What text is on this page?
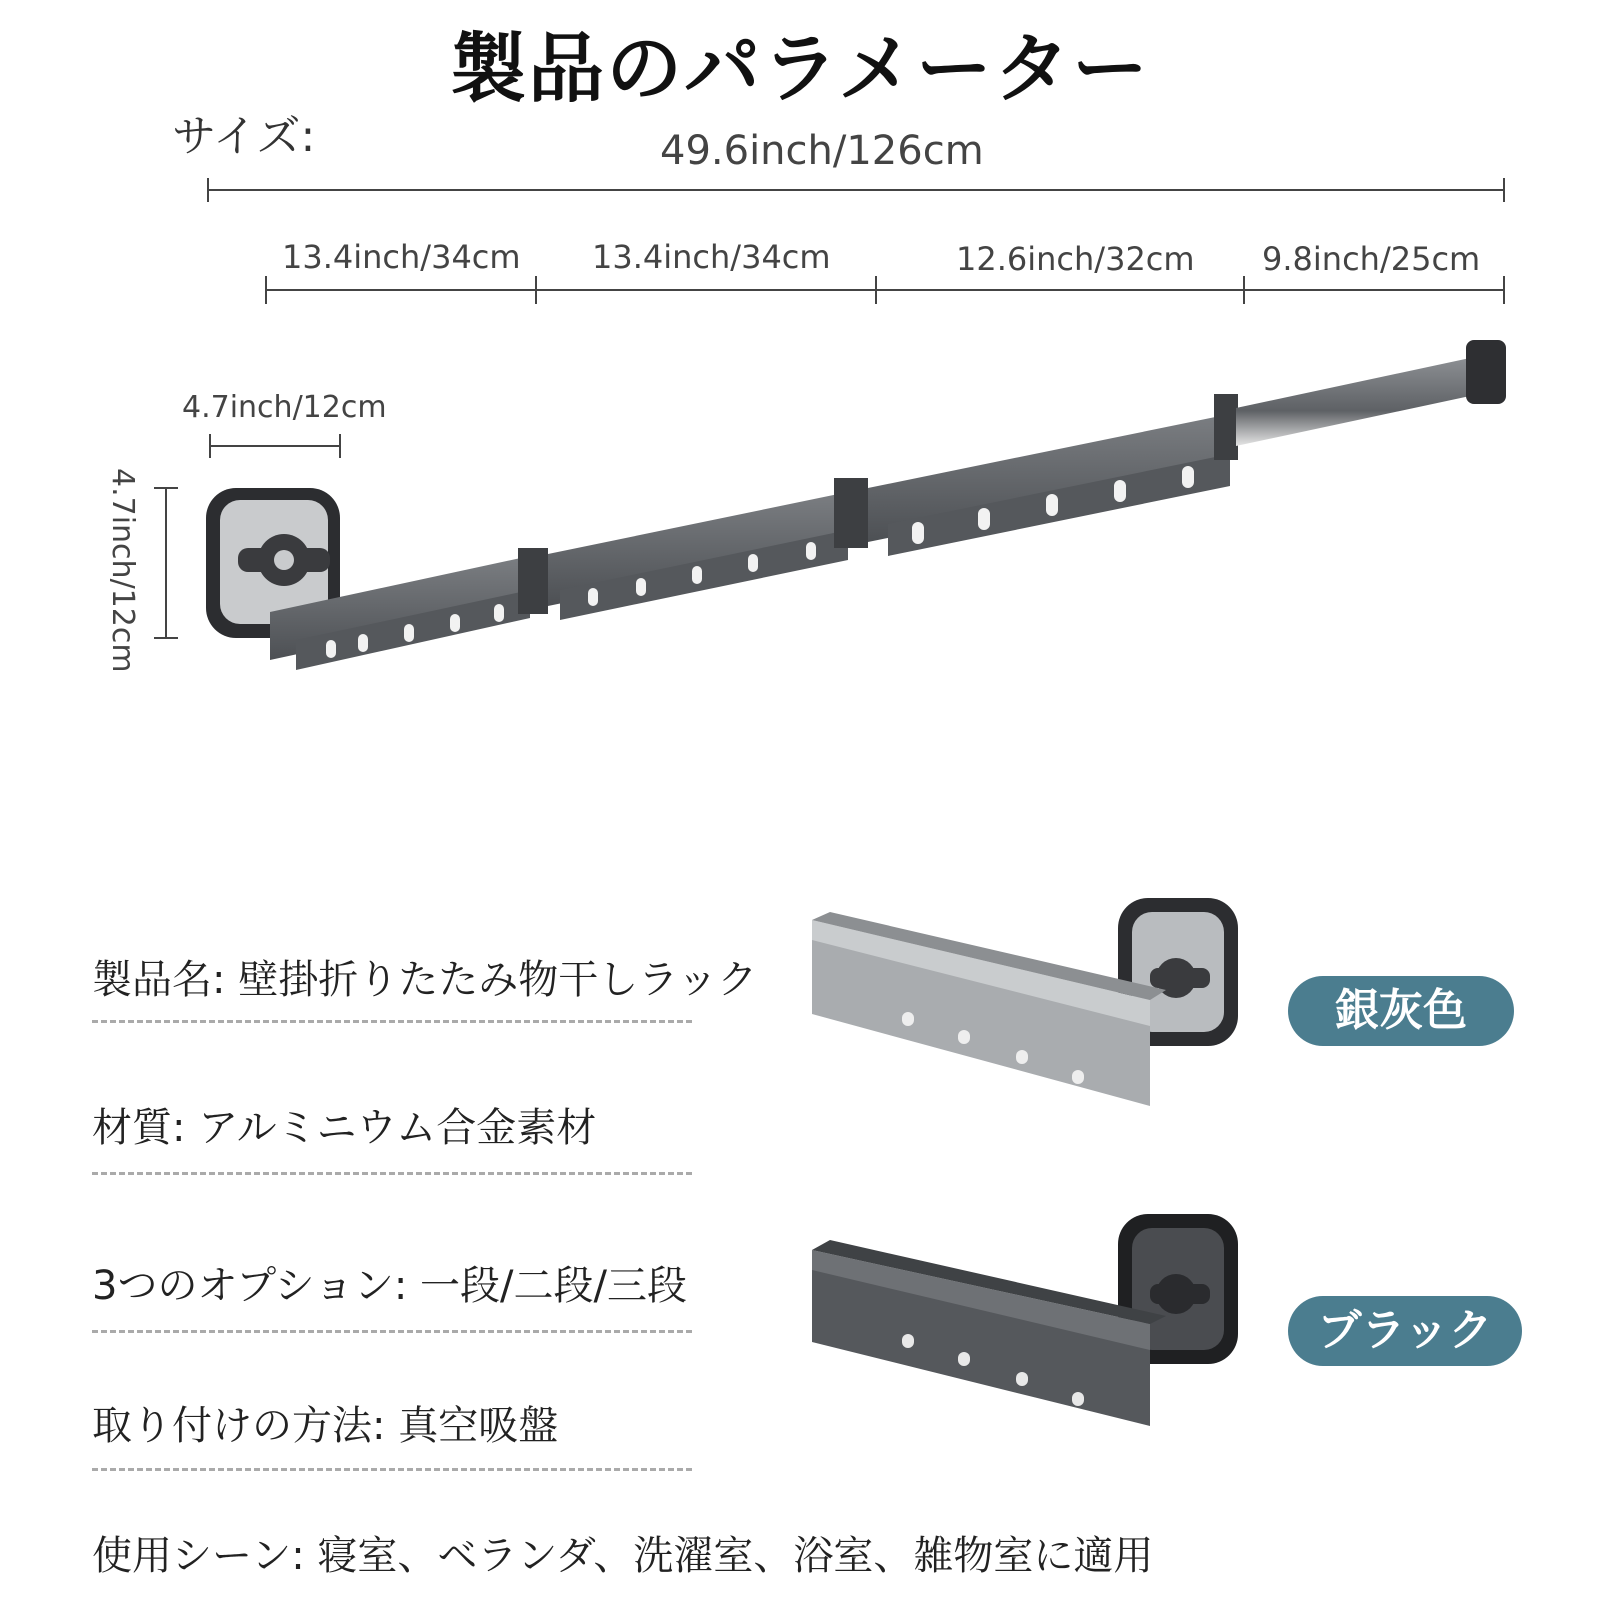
製品のパラメーター
サイズ:	49.6inch/126cm
13.4inch/34cm 13.4inch/34cm	12.6inch/32cm 9.8inch/25cm
4.7inch/12cm
4.7inch/12cm
銀灰色
ブラック
製品名: 壁掛折りたたみ物干しラック
材質: アルミニウム合金素材
3つのオプション: 一段/二段/三段
取り付けの方法: 真空吸盤
使用シーン: 寝室、ベランダ、洗濯室、浴室、雑物室に適用
